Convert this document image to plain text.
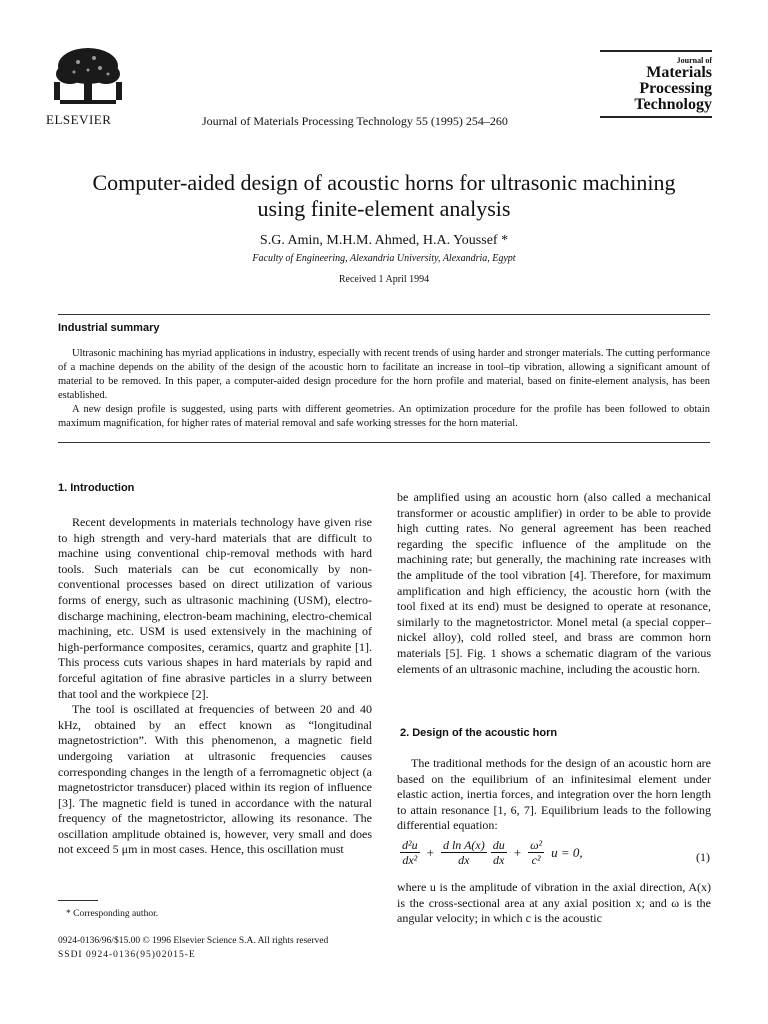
ELSEVIER	Journal of Materials Processing Technology 55 (1995) 254–260
Journal of
Materials
Processing
Technology
Computer-aided design of acoustic horns for ultrasonic machining
using finite-element analysis
S.G. Amin, M.H.M. Ahmed, H.A. Youssef *
Faculty of Engineering, Alexandria University, Alexandria, Egypt
Received 1 April 1994
Industrial summary

Ultrasonic machining has myriad applications in industry, especially with recent trends of using harder and stronger materials. The cutting performance of a machine depends on the ability of the design of the acoustic horn to facilitate an increase in tool–tip vibration, allowing a significant amount of material to be removed. In this paper, a computer-aided design procedure for the horn profile and material, based on finite-element analysis, has been established.

A new design profile is suggested, using parts with different geometries. An optimization procedure for the profile has been followed to obtain maximum magnification, for higher rates of material removal and safe working stresses for the horn material.

1. Introduction

Recent developments in materials technology have given rise to high strength and very-hard materials that are difficult to machine using conventional chip-removal methods with hard tools. Such materials can be cut economically by non-conventional processes based on direct utilization of various forms of energy, such as ultrasonic machining (USM), electro-discharge machining, electron-beam machining, electro-chemical machining, etc. USM is used extensively in the machining of high-performance composites, ceramics, quartz and graphite [1]. This process cuts various shapes in hard materials by rapid and forceful agitation of fine abrasive particles in a slurry between that tool and the workpiece [2].

The tool is oscillated at frequencies of between 20 and 40 kHz, obtained by an effect known as “longitudinal magnetostriction”. With this phenomenon, a magnetic field undergoing variation at ultrasonic frequencies causes corresponding changes in the length of a ferromagnetic object (a magnetostrictor transducer) placed within its region of influence [3]. The magnetic field is tuned in accordance with the natural frequency of the magnetostrictor, allowing its resonance. The oscillation amplitude obtained is, however, very small and does not exceed 5 μm in most cases. Hence, this oscillation must

be amplified using an acoustic horn (also called a mechanical transformer or acoustic amplifier) in order to be able to provide high cutting rates. No general agreement has been reached regarding the specific influence of the amplitude on the machining rate; but generally, the machining rate increases with the amplitude of the tool vibration [4]. Therefore, for maximum amplification and high efficiency, the acoustic horn (with the tool fixed at its end) must be designed to operate at resonance, similarly to the magnetostrictor. Monel metal (a special copper–nickel alloy), cold rolled steel, and brass are common horn materials [5]. Fig. 1 shows a schematic diagram of the various elements of an ultrasonic machine, including the acoustic horn.

2. Design of the acoustic horn

The traditional methods for the design of an acoustic horn are based on the equilibrium of an infinitesimal element under elastic action, inertia forces, and integration over the horn length to attain resonance [1, 6, 7]. Equilibrium leads to the following differential equation:

$\frac{\text{d²u}}{\text{dx²}} + \frac{\text{d ln A(x)}}{dx}$
$\frac{du}{dx} + \frac{\text{ω²}}{\text{c²}}$ u = 0,	(1)

where u is the amplitude of vibration in the axial direction, A(x) is the cross-sectional area at any axial position x; and ω is the angular velocity; in which c is the acoustic

* Corresponding author.
0924-0136/96/$15.00 © 1996 Elsevier Science S.A. All rights reserved
SSDI 0924-0136(95)02015-E
